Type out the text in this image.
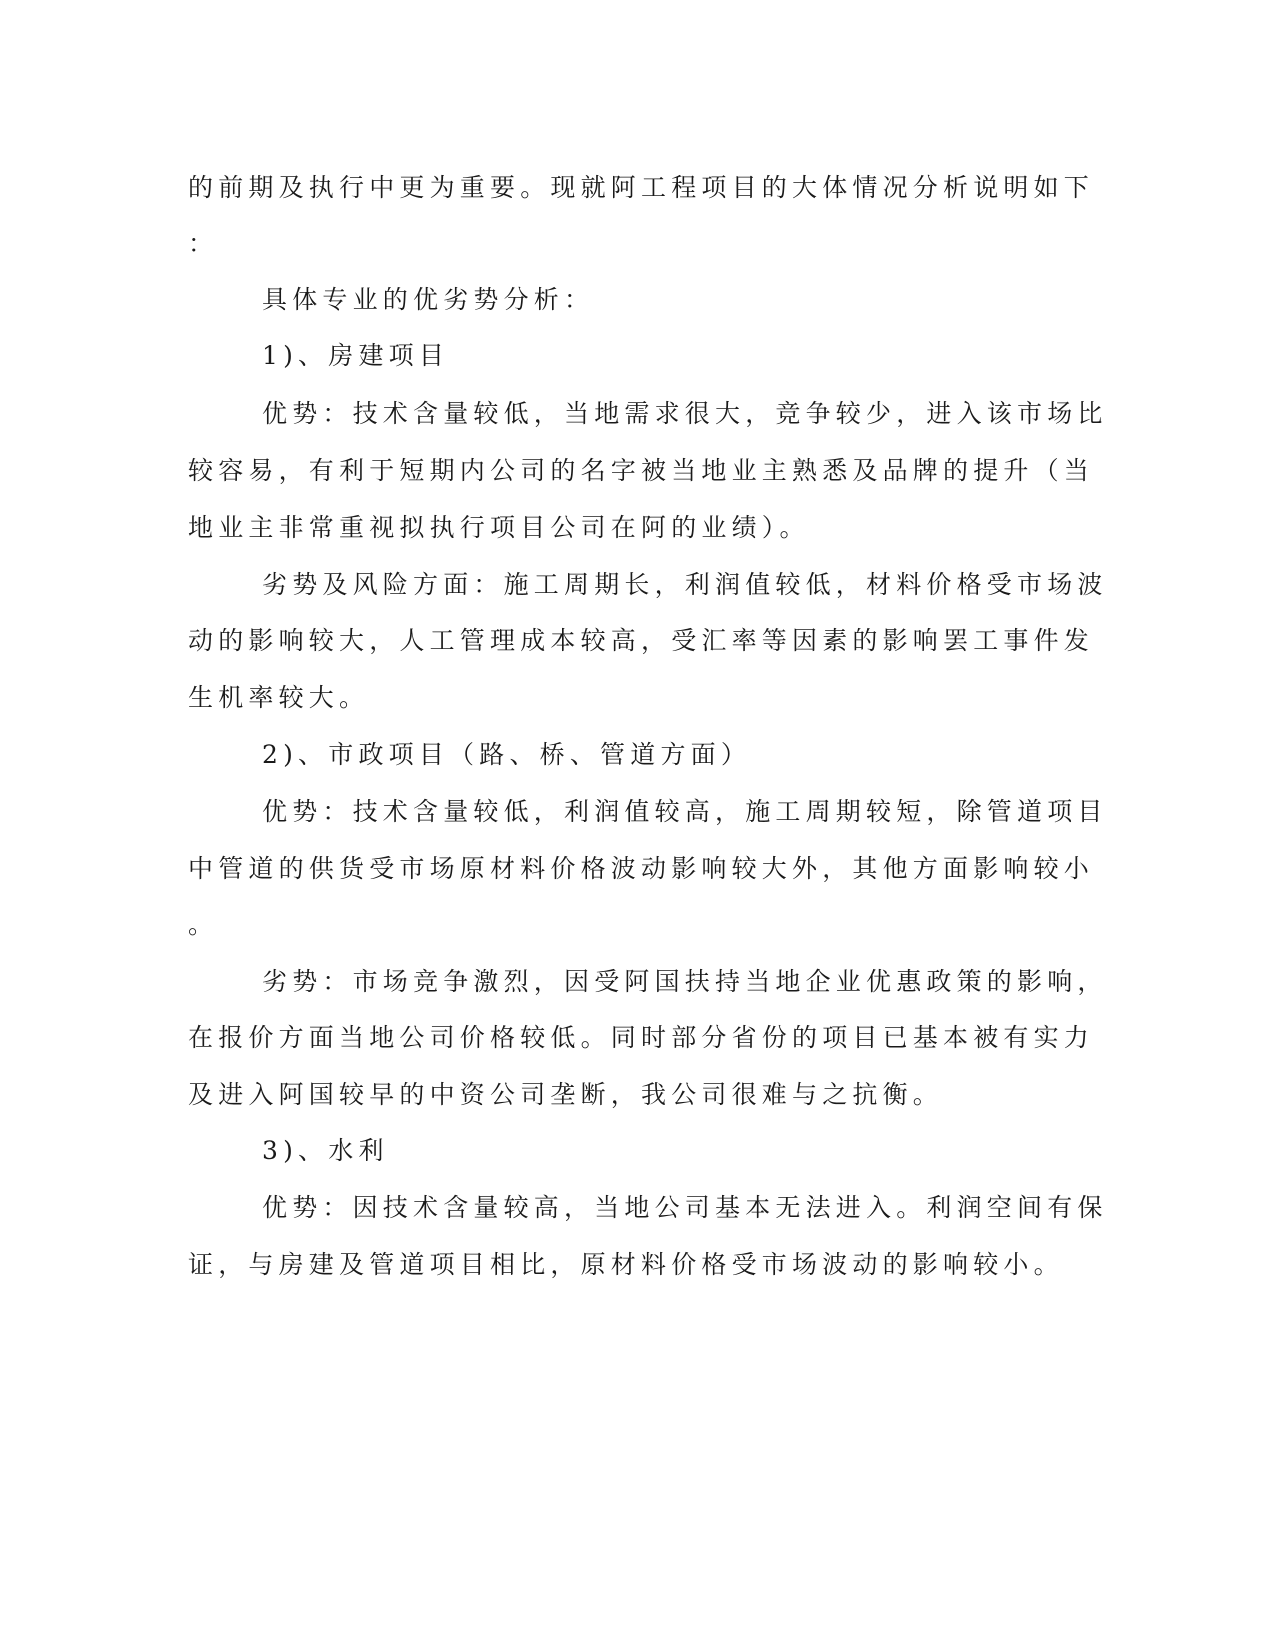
的前期及执行中更为重要。现就阿工程项目的大体情况分析说明如下
：
具体专业的优劣势分析：
1)、房建项目
优势：技术含量较低，当地需求很大，竞争较少，进入该市场比
较容易，有利于短期内公司的名字被当地业主熟悉及品牌的提升（当
地业主非常重视拟执行项目公司在阿的业绩）。
劣势及风险方面：施工周期长，利润值较低，材料价格受市场波
动的影响较大，人工管理成本较高，受汇率等因素的影响罢工事件发
生机率较大。
2)、市政项目（路、桥、管道方面）
优势：技术含量较低，利润值较高，施工周期较短，除管道项目
中管道的供货受市场原材料价格波动影响较大外，其他方面影响较小
。
劣势：市场竞争激烈，因受阿国扶持当地企业优惠政策的影响，
在报价方面当地公司价格较低。同时部分省份的项目已基本被有实力
及进入阿国较早的中资公司垄断，我公司很难与之抗衡。
3)、水利
优势：因技术含量较高，当地公司基本无法进入。利润空间有保
证，与房建及管道项目相比，原材料价格受市场波动的影响较小。
